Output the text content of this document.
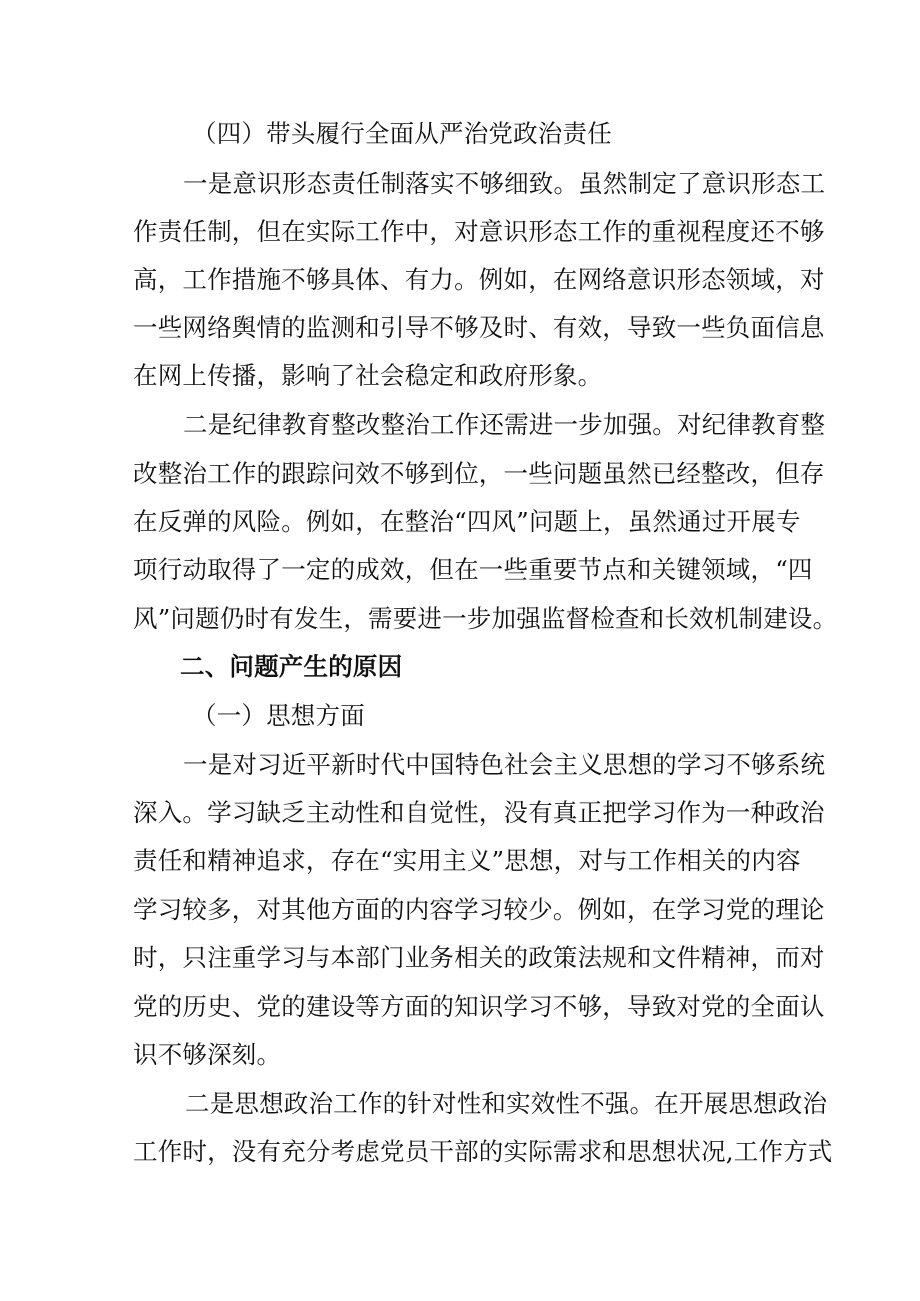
（四）带头履行全面从严治党政治责任
一是意识形态责任制落实不够细致。虽然制定了意识形态工
作责任制，但在实际工作中，对意识形态工作的重视程度还不够
高，工作措施不够具体、有力。例如，在网络意识形态领域，对
一些网络舆情的监测和引导不够及时、有效，导致一些负面信息
在网上传播，影响了社会稳定和政府形象。
二是纪律教育整改整治工作还需进一步加强。对纪律教育整
改整治工作的跟踪问效不够到位，一些问题虽然已经整改，但存
在反弹的风险。例如，在整治“四风”问题上，虽然通过开展专
项行动取得了一定的成效，但在一些重要节点和关键领域，“四
风”问题仍时有发生，需要进一步加强监督检查和长效机制建设。
二、问题产生的原因
（一）思想方面
一是对习近平新时代中国特色社会主义思想的学习不够系统
深入。学习缺乏主动性和自觉性，没有真正把学习作为一种政治
责任和精神追求，存在“实用主义”思想，对与工作相关的内容
学习较多，对其他方面的内容学习较少。例如，在学习党的理论
时，只注重学习与本部门业务相关的政策法规和文件精神，而对
党的历史、党的建设等方面的知识学习不够，导致对党的全面认
识不够深刻。
二是思想政治工作的针对性和实效性不强。在开展思想政治
工作时，没有充分考虑党员干部的实际需求和思想状况,工作方式
